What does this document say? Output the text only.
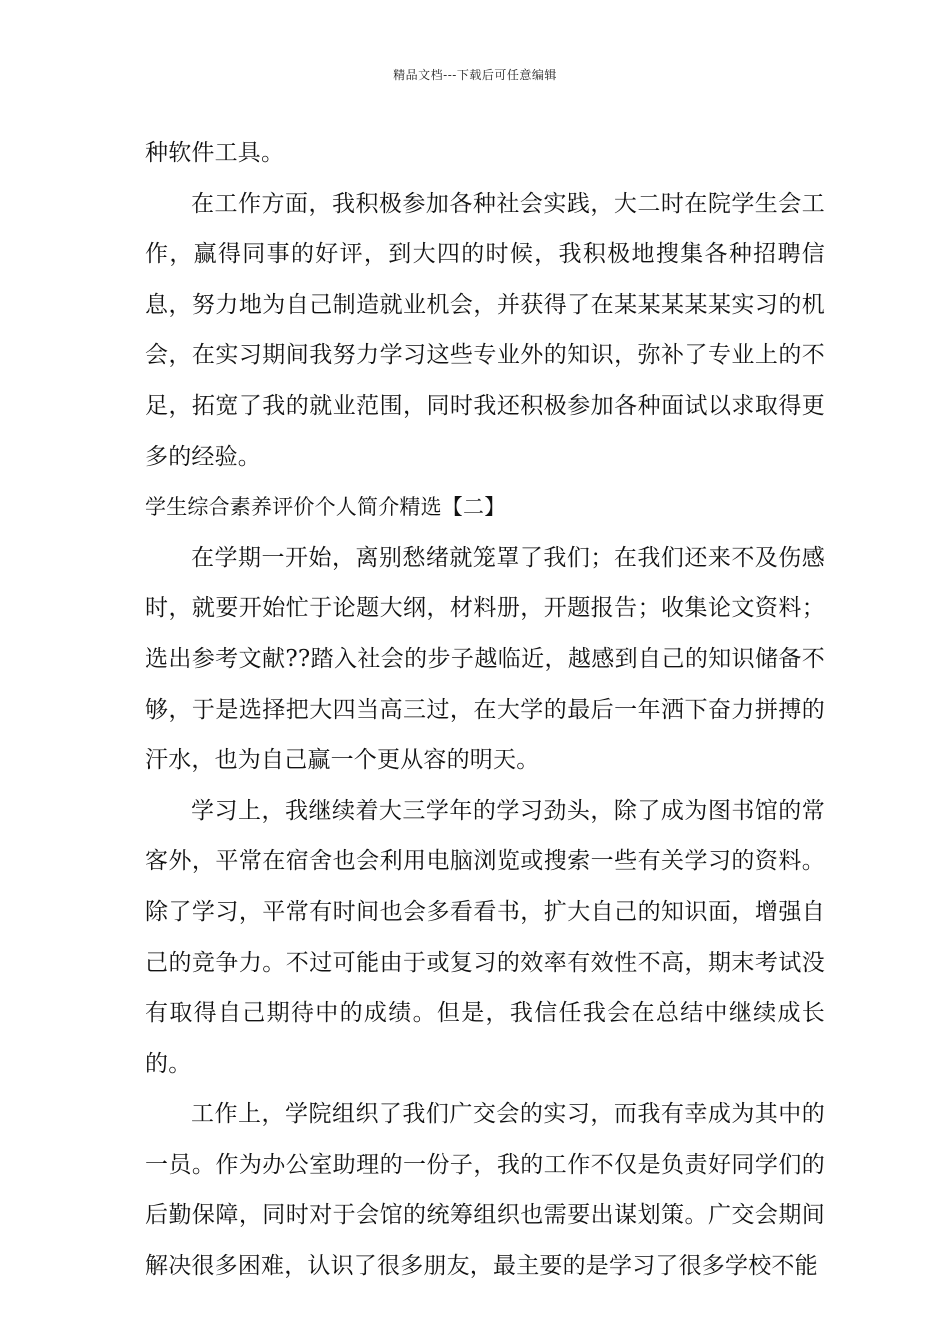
精品文档---下载后可任意编辑

种软件工具。

在工作方面，我积极参加各种社会实践，大二时在院学生会工作，赢得同事的好评，到大四的时候，我积极地搜集各种招聘信息，努力地为自己制造就业机会，并获得了在某某某某某实习的机会，在实习期间我努力学习这些专业外的知识，弥补了专业上的不足，拓宽了我的就业范围，同时我还积极参加各种面试以求取得更多的经验。

学生综合素养评价个人简介精选【二】

在学期一开始，离别愁绪就笼罩了我们；在我们还来不及伤感时，就要开始忙于论题大纲，材料册，开题报告；收集论文资料；选出参考文献??踏入社会的步子越临近，越感到自己的知识储备不够，于是选择把大四当高三过，在大学的最后一年洒下奋力拼搏的汗水，也为自己赢一个更从容的明天。

学习上，我继续着大三学年的学习劲头，除了成为图书馆的常客外，平常在宿舍也会利用电脑浏览或搜索一些有关学习的资料。除了学习，平常有时间也会多看看书，扩大自己的知识面，增强自己的竞争力。不过可能由于或复习的效率有效性不高，期末考试没有取得自己期待中的成绩。但是，我信任我会在总结中继续成长的。

工作上，学院组织了我们广交会的实习，而我有幸成为其中的一员。作为办公室助理的一份子，我的工作不仅是负责好同学们的后勤保障，同时对于会馆的统筹组织也需要出谋划策。广交会期间解决很多困难，认识了很多朋友，最主要的是学习了很多学校不能
